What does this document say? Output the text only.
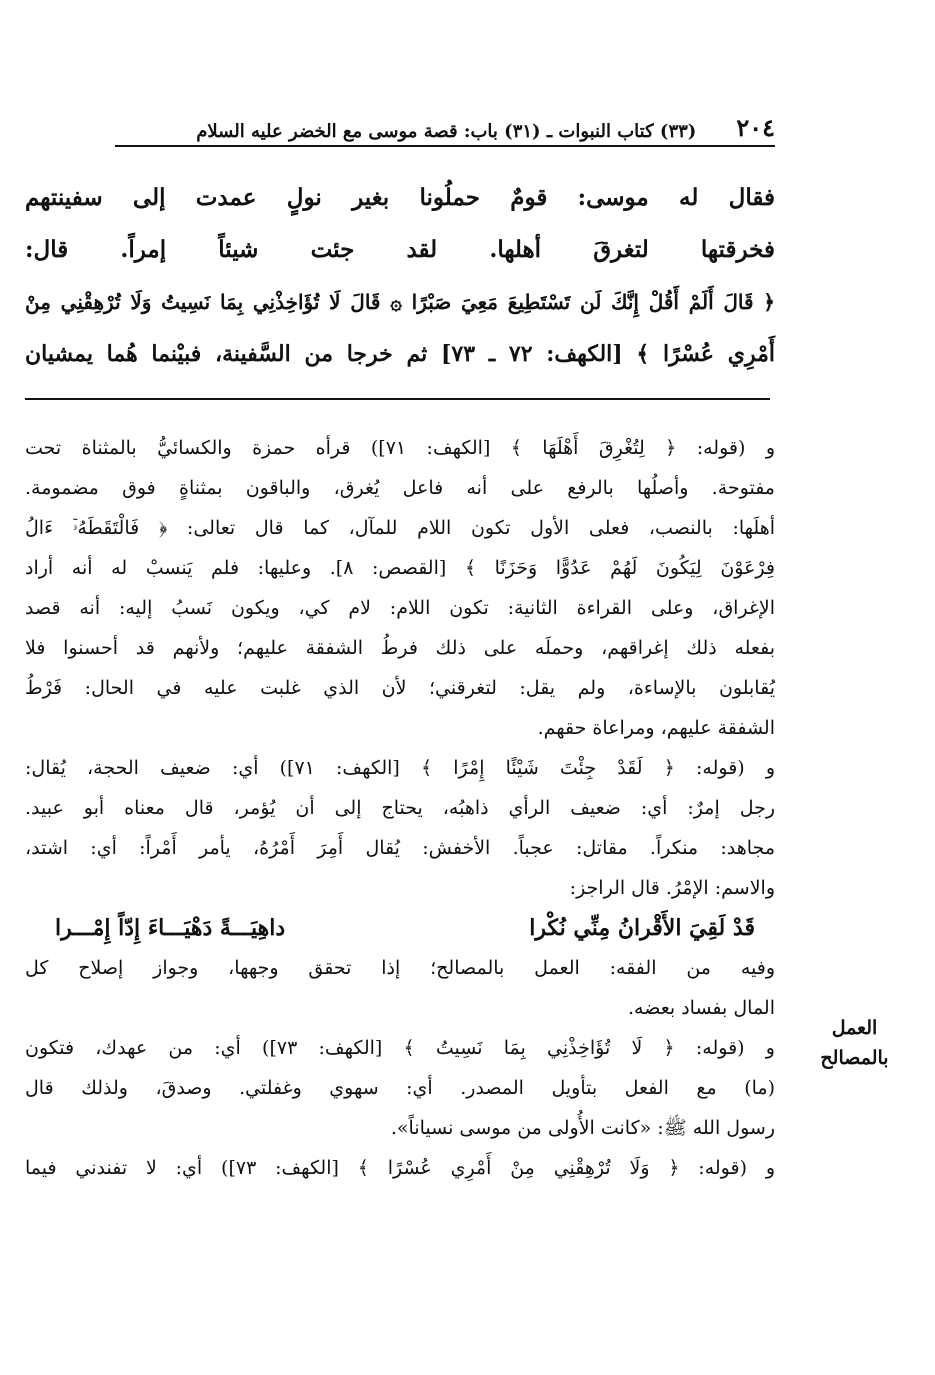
٢٠٤
(٣٣) كتاب النبوات ـ (٣١) باب: قصة موسى مع الخضر عليه السلام

فقال له موسى: قومٌ حملُونا بغير نولٍ عمدت إلى سفينتهم

فخرقتها لتغرقَ أهلها. لقد جئت شيئاً إمراً. قال:

﴿ قَالَ أَلَمْ أَقُلْ إِنَّكَ لَن تَسْتَطِيعَ مَعِيَ صَبْرًا ۞ قَالَ لَا تُؤَاخِذْنِي بِمَا نَسِيتُ وَلَا تُرْهِقْنِي مِنْ

أَمْرِي عُسْرًا ﴾ [الكهف: ٧٢ ـ ٧٣] ثم خرجا من السَّفينة، فبيْنما هُما يمشيان

و (قوله: ﴿ لِتُغْرِقَ أَهْلَهَا ﴾ [الكهف: ٧١]) قرأه حمزة والكسائيُّ بالمثناة تحت

مفتوحة. وأصلُها بالرفع على أنه فاعل يُغرق، والباقون بمثناةٍ فوق مضمومة.

أهلَها: بالنصب، فعلى الأول تكون اللام للمآل، كما قال تعالى: ﴿ فَالْتَقَطَهُۥٓ ءَالُ

فِرْعَوْنَ لِيَكُونَ لَهُمْ عَدُوًّا وَحَزَنًا ﴾ [القصص: ٨]. وعليها: فلم يَنسبْ له أنه أراد

الإغراق، وعلى القراءة الثانية: تكون اللام: لام كي، ويكون نَسبُ إليه: أنه قصد

بفعله ذلك إغراقهم، وحملَه على ذلك فرطُ الشفقة عليهم؛ ولأنهم قد أحسنوا فلا

يُقابلون بالإساءة، ولم يقل: لتغرقني؛ لأن الذي غلبت عليه في الحال: فَرْطُ

الشفقة عليهم، ومراعاة حقهم.

و (قوله: ﴿ لَقَدْ جِئْتَ شَيْئًا إِمْرًا ﴾ [الكهف: ٧١]) أي: ضعيف الحجة، يُقال:

رجل إمرٌ: أي: ضعيف الرأي ذاهبُه، يحتاج إلى أن يُؤمر، قال معناه أبو عبيد.

مجاهد: منكراً. مقاتل: عجباً. الأخفش: يُقال أَمِرَ أَمْرُهُ، يأمر أَمْراً: أي: اشتد،

والاسم: الإمْرُ. قال الراجز:

قَدْ لَقِيَ الأَقْرانُ مِنِّي نُكْرا
داهِيَـــةً دَهْيَـــاءَ إِدّاً إِمْـــرا

وفيه من الفقه: العمل بالمصالح؛ إذا تحقق وجهها، وجواز إصلاح كل

المال بفساد بعضه.

و (قوله: ﴿ لَا تُؤَاخِذْنِي بِمَا نَسِيتُ ﴾ [الكهف: ٧٣]) أي: من عهدك، فتكون

(ما) مع الفعل بتأويل المصدر. أي: سهوي وغفلتي. وصدقَ، ولذلك قال

رسول الله ﷺ: «كانت الأُولى من موسى نسياناً».

و (قوله: ﴿ وَلَا تُرْهِقْنِي مِنْ أَمْرِي عُسْرًا ﴾ [الكهف: ٧٣]) أي: لا تفندني فيما

العمل
بالمصالح
